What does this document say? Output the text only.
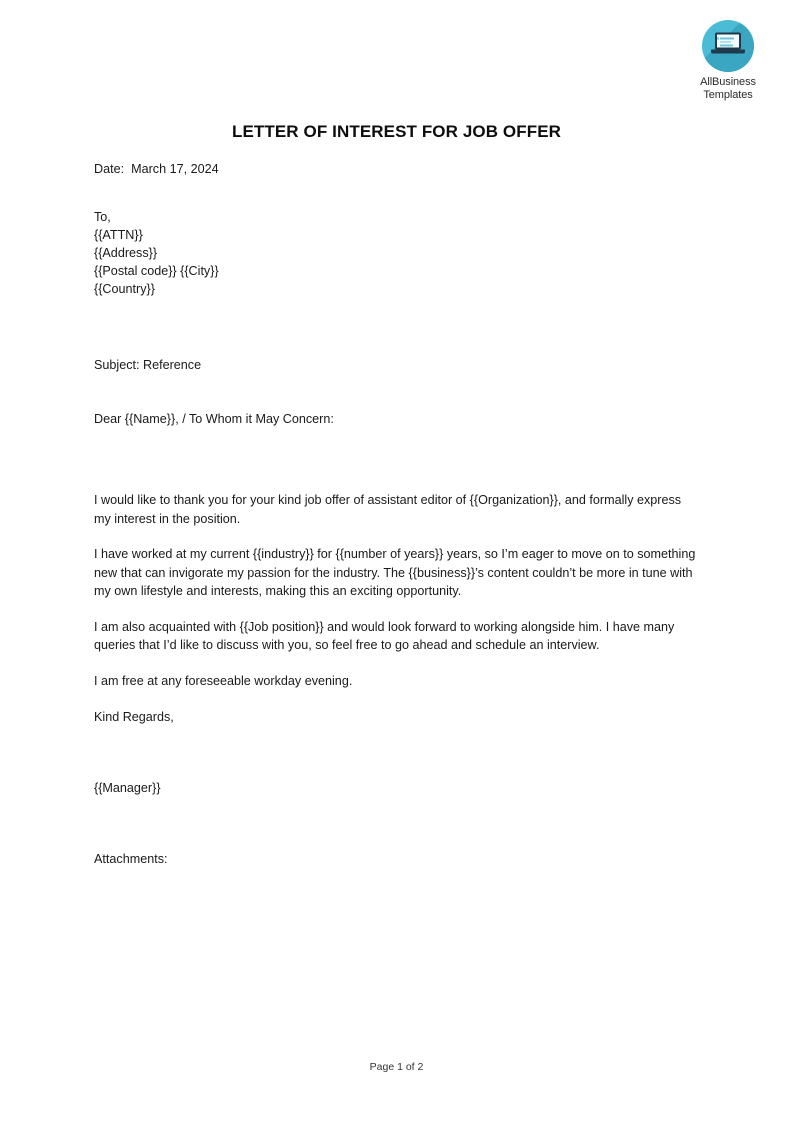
AllBusiness
Templates
LETTER OF INTEREST FOR JOB OFFER
Date:  March 17, 2024
To,
{{ATTN}}
{{Address}}
{{Postal code}} {{City}}
{{Country}}
Subject: Reference
Dear {{Name}}, / To Whom it May Concern:

I would like to thank you for your kind job offer of assistant editor of {{Organization}}, and formally express my interest in the position.

I have worked at my current {{industry}} for {{number of years}} years, so I’m eager to move on to something new that can invigorate my passion for the industry. The {{business}}’s content couldn’t be more in tune with my own lifestyle and interests, making this an exciting opportunity.

I am also acquainted with {{Job position}} and would look forward to working alongside him. I have many queries that I’d like to discuss with you, so feel free to go ahead and schedule an interview.

I am free at any foreseeable workday evening.

Kind Regards,
{{Manager}}
Attachments:
Page 1 of 2
